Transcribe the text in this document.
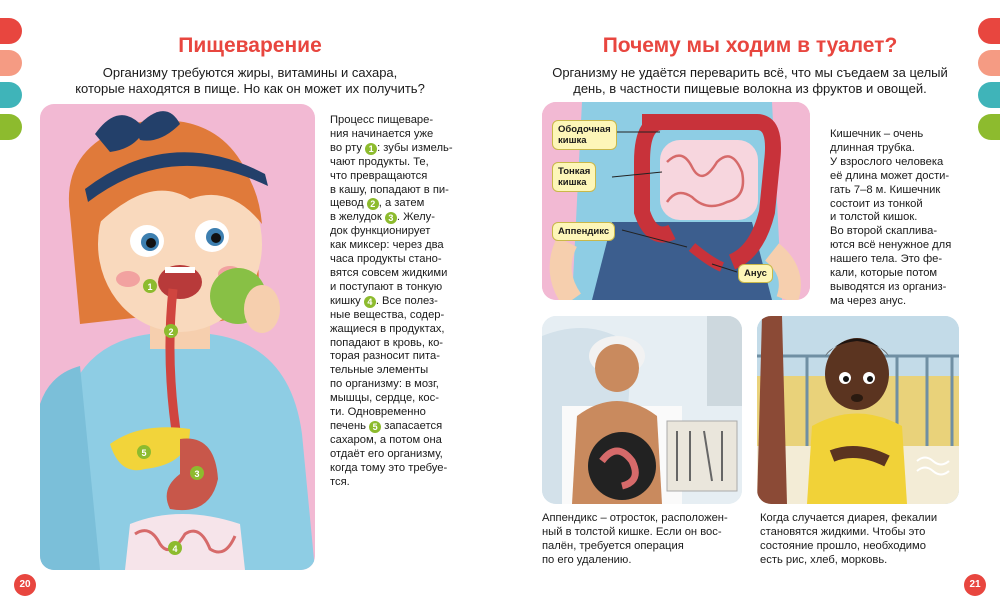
Пищеварение
Организму требуются жиры, витамины и сахара,
которые находятся в пище. Но как он может их получить?
1
2
3
4
5
Процесс пищеваре-
ния начинается уже
во рту 1 : зубы измель-
чают продукты. Те,
что превращаются
в кашу, попадают в пи-
щевод 2 , а затем
в желудок 3 . Желу-
док функционирует
как миксер: через два
часа продукты стано-
вятся совсем жидкими
и поступают в тонкую
кишку 4 . Все полез-
ные вещества, содер-
жащиеся в продуктах,
попадают в кровь, ко-
торая разносит пита-
тельные элементы
по организму: в мозг,
мышцы, сердце, кос-
ти. Одновременно
печень 5 запасается
сахаром, а потом она
отдаёт его организму,
когда тому это требуе-
тся.
20
Почему мы ходим в туалет?
Организму не удаётся переварить всё, что мы съедаем за целый
день, в частности пищевые волокна из фруктов и овощей.
Ободочная
кишка
Тонкая
кишка
Аппендикс
Анус
Кишечник – очень
длинная трубка.
У взрослого человека
её длина может дости-
гать 7–8 м. Кишечник
состоит из тонкой
и толстой кишок.
Во второй скаплива-
ются всё ненужное для
нашего тела. Это фе-
кали, которые потом
выводятся из организ-
ма через анус.
Аппендикс – отросток, расположен-
ный в толстой кишке. Если он вос-
палён, требуется операция
по его удалению.
Когда случается диарея, фекалии
становятся жидкими. Чтобы это
состояние прошло, необходимо
есть рис, хлеб, морковь.
21
